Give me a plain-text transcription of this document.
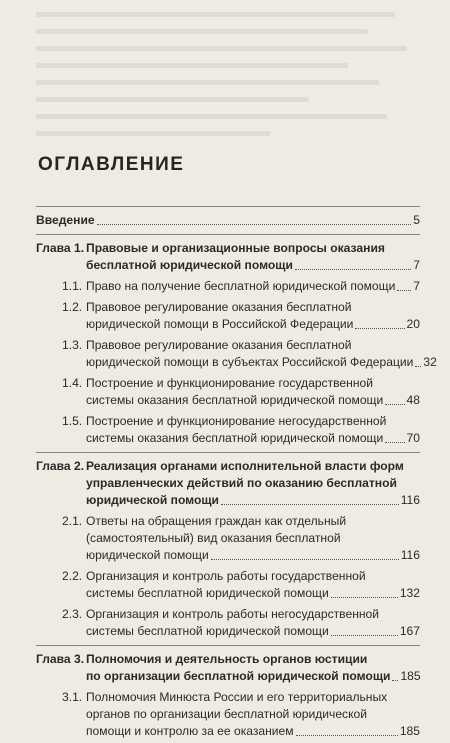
ОГЛАВЛЕНИЕ
Введение	5
Глава 1. Правовые и организационные вопросы оказания
бесплатной юридической помощи	7
1.1. Право на получение бесплатной юридической помощи 7
1.2. Правовое регулирование оказания бесплатной
юридической помощи в Российской Федерации	20
1.3. Правовое регулирование оказания бесплатной
юридической помощи в субъектах Российской Федерации 32
1.4. Построение и функционирование государственной
системы оказания бесплатной юридической помощи 48
1.5. Построение и функционирование негосударственной
системы оказания бесплатной юридической помощи 70
Глава 2. Реализация органами исполнительной власти форм
управленческих действий по оказанию бесплатной
юридической помощи	116
2.1. Ответы на обращения граждан как отдельный
(самостоятельный) вид оказания бесплатной
юридической помощи	116
2.2. Организация и контроль работы государственной
системы бесплатной юридической помощи	132
2.3. Организация и контроль работы негосударственной
системы бесплатной юридической помощи	167
Глава 3. Полномочия и деятельность органов юстиции
по организации бесплатной юридической помощи 185
3.1. Полномочия Минюста России и его территориальных
органов по организации бесплатной юридической
помощи и контролю за ее оказанием	185
